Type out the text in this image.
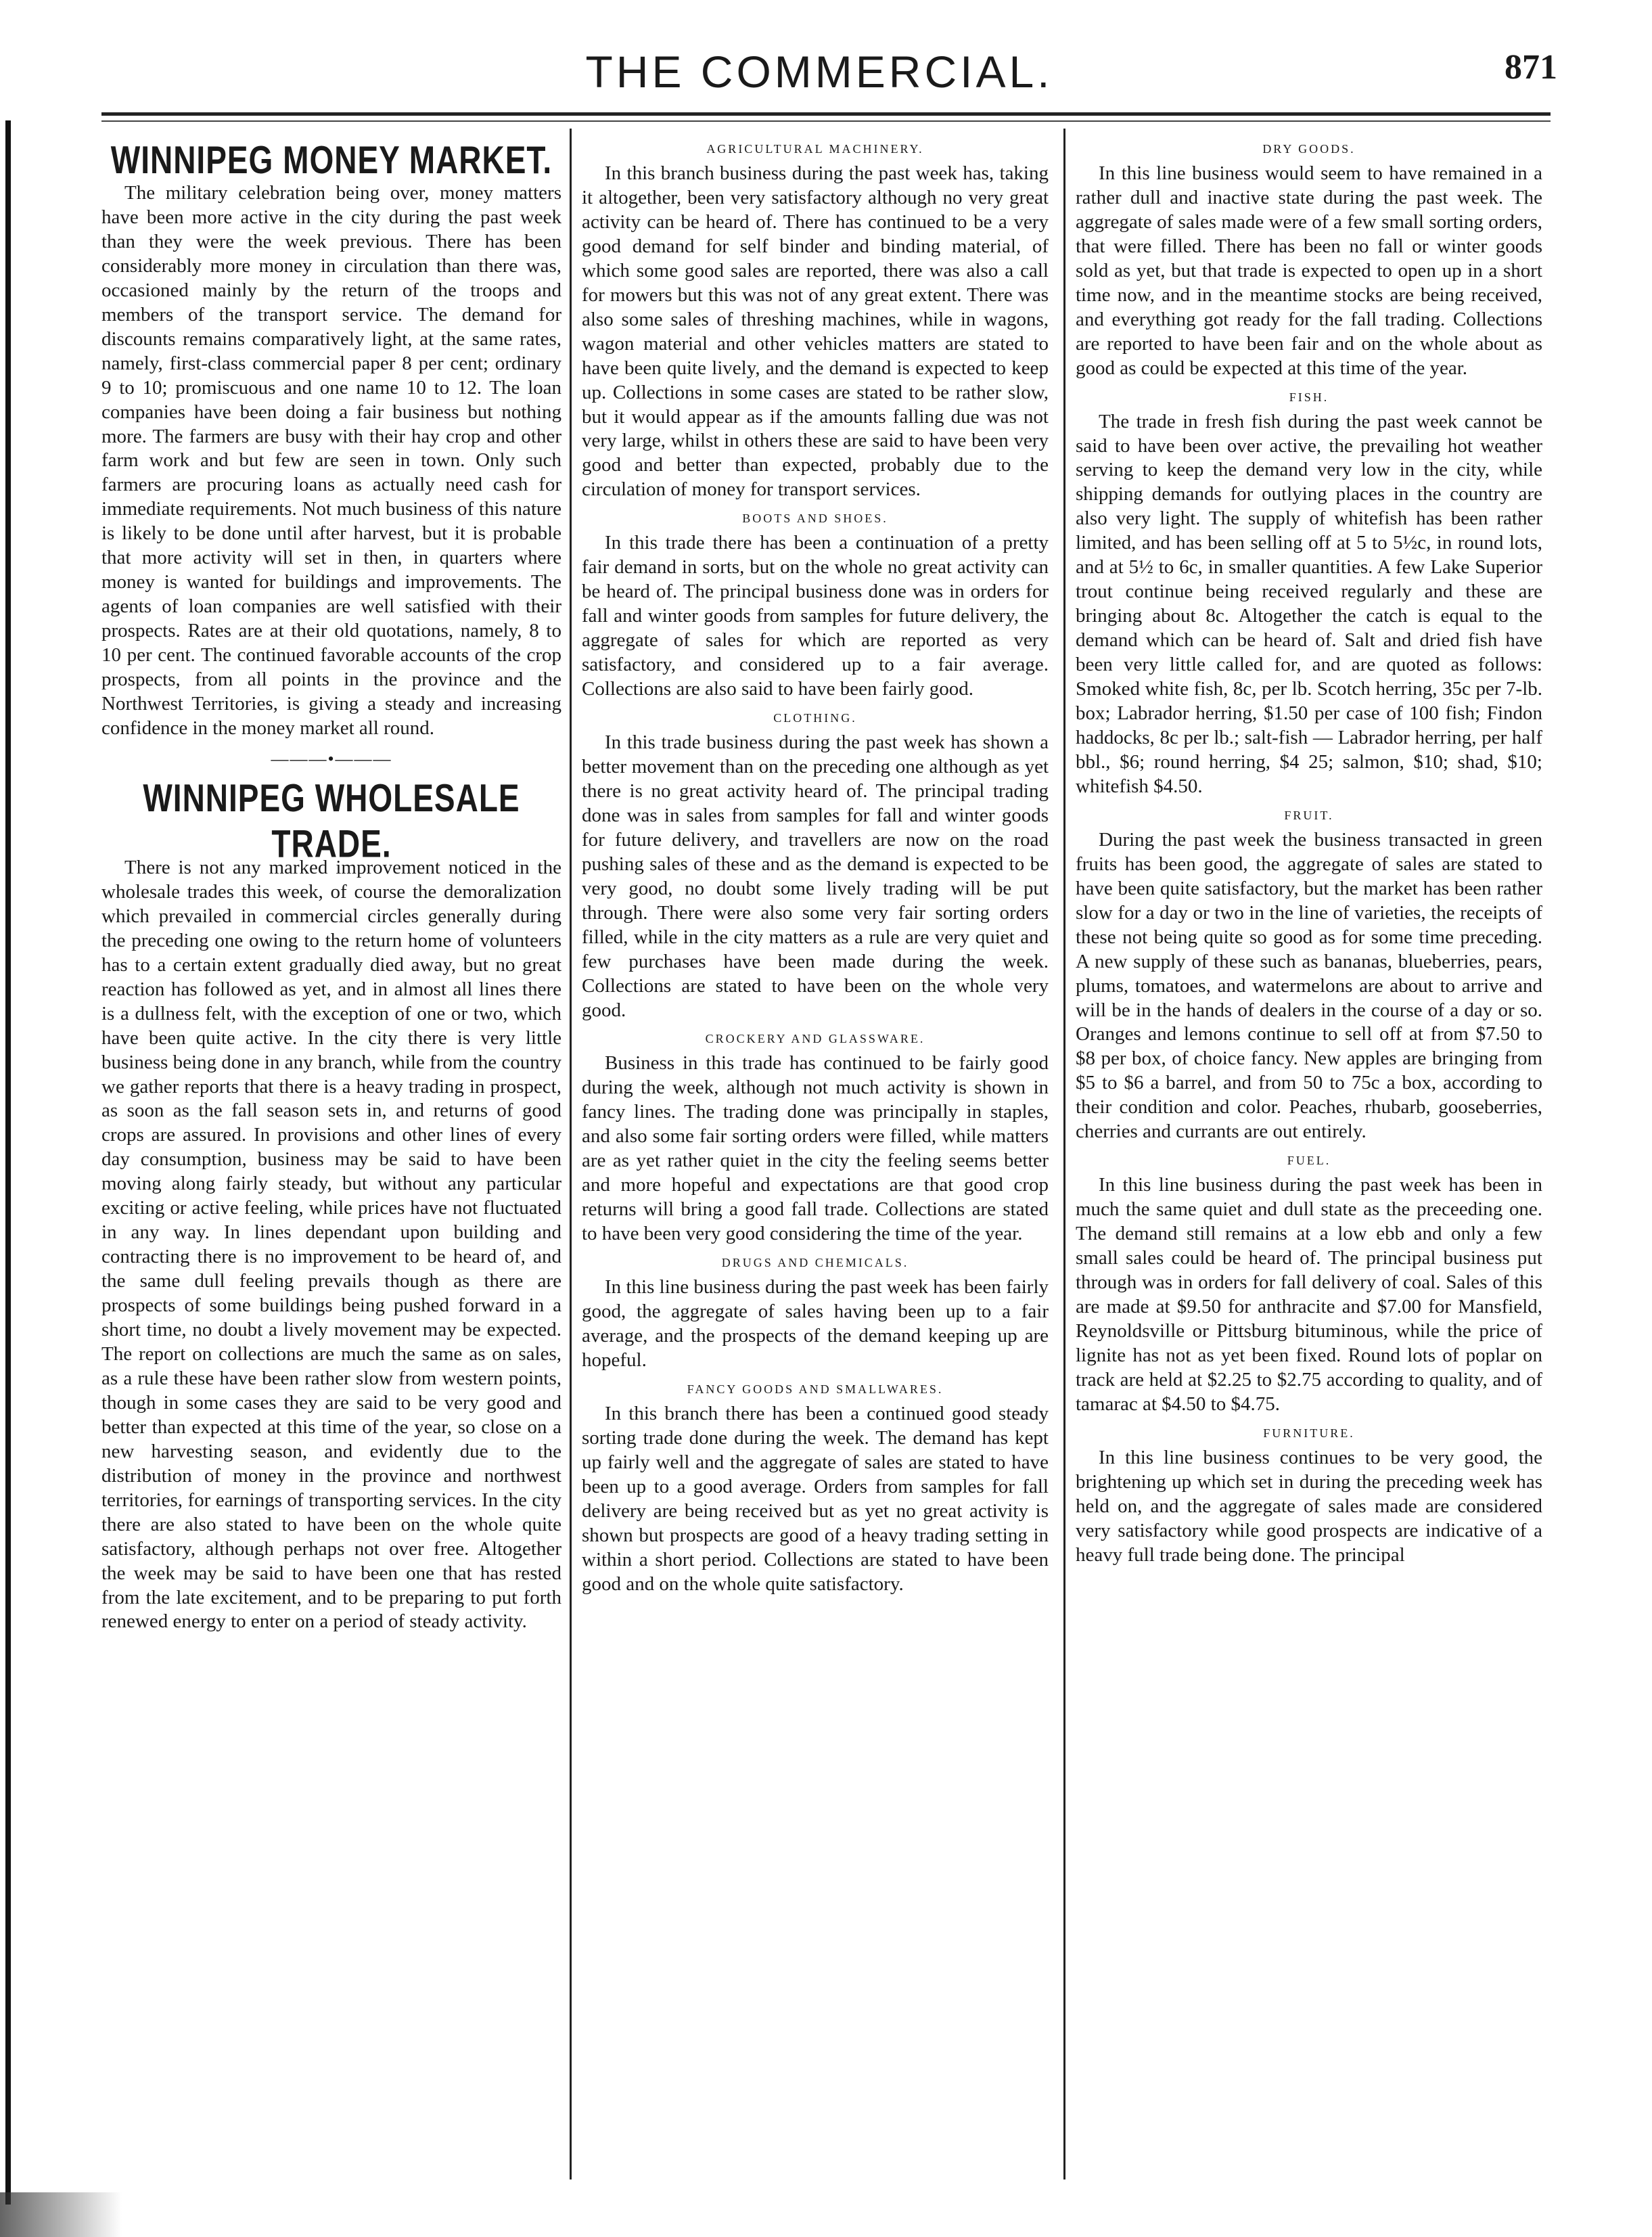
THE COMMERCIAL.	871
WINNIPEG MONEY MARKET.

The military celebration being over, money matters have been more active in the city during the past week than they were the week previous. There has been considerably more money in circulation than there was, occasioned mainly by the return of the troops and members of the transport service. The demand for discounts remains comparatively light, at the same rates, namely, first-class commercial paper 8 per cent; ordinary 9 to 10; promiscuous and one name 10 to 12. The loan companies have been doing a fair business but nothing more. The farmers are busy with their hay crop and other farm work and but few are seen in town. Only such farmers are procuring loans as actually need cash for immediate requirements. Not much business of this nature is likely to be done until after harvest, but it is probable that more activity will set in then, in quarters where money is wanted for buildings and improvements. The agents of loan companies are well satisfied with their prospects. Rates are at their old quotations, namely, 8 to 10 per cent. The continued favorable accounts of the crop prospects, from all points in the province and the Northwest Territories, is giving a steady and increasing confidence in the money market all round.

———•———
WINNIPEG WHOLESALE TRADE.

There is not any marked improvement noticed in the wholesale trades this week, of course the demoralization which prevailed in commercial circles generally during the preceding one owing to the return home of volunteers has to a certain extent gradually died away, but no great reaction has followed as yet, and in almost all lines there is a dullness felt, with the exception of one or two, which have been quite active. In the city there is very little business being done in any branch, while from the country we gather reports that there is a heavy trading in prospect, as soon as the fall season sets in, and returns of good crops are assured. In provisions and other lines of every day consumption, business may be said to have been moving along fairly steady, but without any particular exciting or active feeling, while prices have not fluctuated in any way. In lines dependant upon building and contracting there is no improvement to be heard of, and the same dull feeling prevails though as there are prospects of some buildings being pushed forward in a short time, no doubt a lively movement may be expected. The report on collections are much the same as on sales, as a rule these have been rather slow from western points, though in some cases they are said to be very good and better than expected at this time of the year, so close on a new harvesting season, and evidently due to the distribution of money in the province and northwest territories, for earnings of transporting services. In the city there are also stated to have been on the whole quite satisfactory, although perhaps not over free. Altogether the week may be said to have been one that has rested from the late excitement, and to be preparing to put forth renewed energy to enter on a period of steady activity.

AGRICULTURAL MACHINERY.

In this branch business during the past week has, taking it altogether, been very satisfactory although no very great activity can be heard of. There has continued to be a very good demand for self binder and binding material, of which some good sales are reported, there was also a call for mowers but this was not of any great extent. There was also some sales of threshing machines, while in wagons, wagon material and other vehicles matters are stated to have been quite lively, and the demand is expected to keep up. Collections in some cases are stated to be rather slow, but it would appear as if the amounts falling due was not very large, whilst in others these are said to have been very good and better than expected, probably due to the circulation of money for transport services.

BOOTS AND SHOES.

In this trade there has been a continuation of a pretty fair demand in sorts, but on the whole no great activity can be heard of. The principal business done was in orders for fall and winter goods from samples for future delivery, the aggregate of sales for which are reported as very satisfactory, and considered up to a fair average. Collections are also said to have been fairly good.

CLOTHING.

In this trade business during the past week has shown a better movement than on the preceding one although as yet there is no great activity heard of. The principal trading done was in sales from samples for fall and winter goods for future delivery, and travellers are now on the road pushing sales of these and as the demand is expected to be very good, no doubt some lively trading will be put through. There were also some very fair sorting orders filled, while in the city matters as a rule are very quiet and few purchases have been made during the week. Collections are stated to have been on the whole very good.

CROCKERY AND GLASSWARE.

Business in this trade has continued to be fairly good during the week, although not much activity is shown in fancy lines. The trading done was principally in staples, and also some fair sorting orders were filled, while matters are as yet rather quiet in the city the feeling seems better and more hopeful and expectations are that good crop returns will bring a good fall trade. Collections are stated to have been very good considering the time of the year.

DRUGS AND CHEMICALS.

In this line business during the past week has been fairly good, the aggregate of sales having been up to a fair average, and the prospects of the demand keeping up are hopeful.

FANCY GOODS AND SMALLWARES.

In this branch there has been a continued good steady sorting trade done during the week. The demand has kept up fairly well and the aggregate of sales are stated to have been up to a good average. Orders from samples for fall delivery are being received but as yet no great activity is shown but prospects are good of a heavy trading setting in within a short period. Collections are stated to have been good and on the whole quite satisfactory.

DRY GOODS.

In this line business would seem to have remained in a rather dull and inactive state during the past week. The aggregate of sales made were of a few small sorting orders, that were filled. There has been no fall or winter goods sold as yet, but that trade is expected to open up in a short time now, and in the meantime stocks are being received, and everything got ready for the fall trading. Collections are reported to have been fair and on the whole about as good as could be expected at this time of the year.

FISH.

The trade in fresh fish during the past week cannot be said to have been over active, the prevailing hot weather serving to keep the demand very low in the city, while shipping demands for outlying places in the country are also very light. The supply of whitefish has been rather limited, and has been selling off at 5 to 5½c, in round lots, and at 5½ to 6c, in smaller quantities. A few Lake Superior trout continue being received regularly and these are bringing about 8c. Altogether the catch is equal to the demand which can be heard of. Salt and dried fish have been very little called for, and are quoted as follows: Smoked white fish, 8c, per lb. Scotch herring, 35c per 7-lb. box; Labrador herring, $1.50 per case of 100 fish; Findon haddocks, 8c per lb.; salt-fish — Labrador herring, per half bbl., $6; round herring, $4 25; salmon, $10; shad, $10; whitefish $4.50.

FRUIT.

During the past week the business transacted in green fruits has been good, the aggregate of sales are stated to have been quite satisfactory, but the market has been rather slow for a day or two in the line of varieties, the receipts of these not being quite so good as for some time preceding. A new supply of these such as bananas, blueberries, pears, plums, tomatoes, and watermelons are about to arrive and will be in the hands of dealers in the course of a day or so. Oranges and lemons continue to sell off at from $7.50 to $8 per box, of choice fancy. New apples are bringing from $5 to $6 a barrel, and from 50 to 75c a box, according to their condition and color. Peaches, rhubarb, gooseberries, cherries and currants are out entirely.

FUEL.

In this line business during the past week has been in much the same quiet and dull state as the preceeding one. The demand still remains at a low ebb and only a few small sales could be heard of. The principal business put through was in orders for fall delivery of coal. Sales of this are made at $9.50 for anthracite and $7.00 for Mansfield, Reynoldsville or Pittsburg bituminous, while the price of lignite has not as yet been fixed. Round lots of poplar on track are held at $2.25 to $2.75 according to quality, and of tamarac at $4.50 to $4.75.

FURNITURE.

In this line business continues to be very good, the brightening up which set in during the preceding week has held on, and the aggregate of sales made are considered very satisfactory while good prospects are indicative of a heavy full trade being done. The principal
